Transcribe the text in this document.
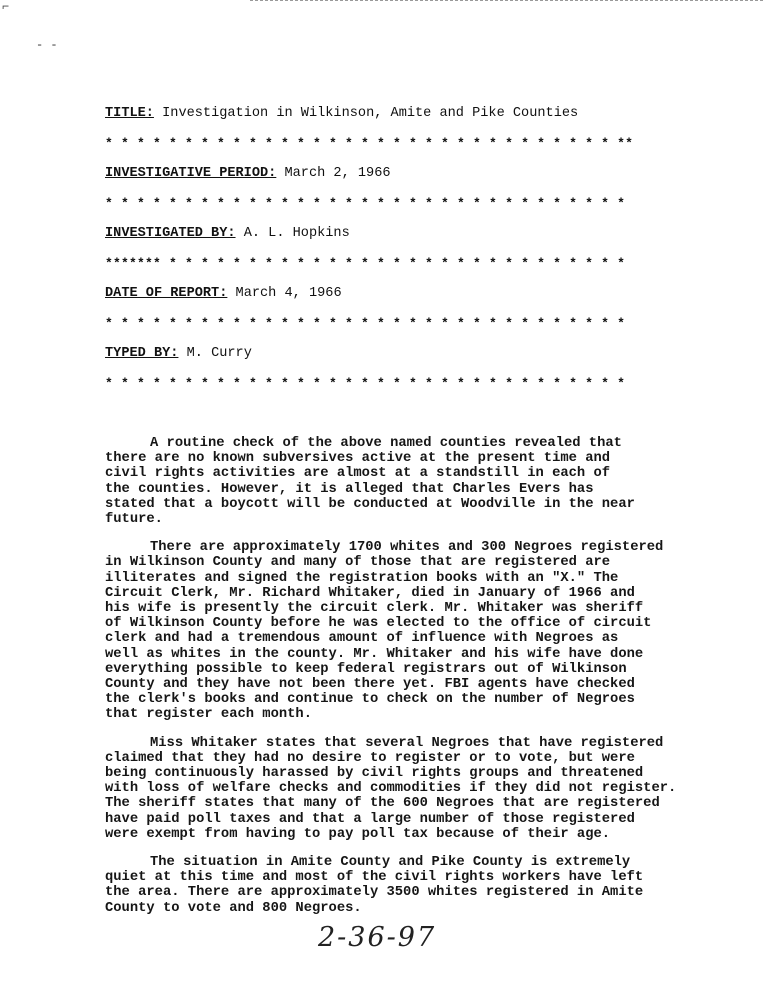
⌐
- -
TITLE: Investigation in Wilkinson, Amite and Pike Counties
* * * * * * * * * * * * * * * * * * * * * * * * * * * * * * * * **
INVESTIGATIVE PERIOD: March 2, 1966
* * * * * * * * * * * * * * * * * * * * * * * * * * * * * * * * *
INVESTIGATED BY: A. L. Hopkins
******* * * * * * * * * * * * * * * * * * * * * * * * * * * * * *
DATE OF REPORT: March 4, 1966
* * * * * * * * * * * * * * * * * * * * * * * * * * * * * * * * *
TYPED BY: M. Curry
* * * * * * * * * * * * * * * * * * * * * * * * * * * * * * * * *

A routine check of the above named counties revealed that
there are no known subversives active at the present time and
civil rights activities are almost at a standstill in each of
the counties. However, it is alleged that Charles Evers has
stated that a boycott will be conducted at Woodville in the near
future.

There are approximately 1700 whites and 300 Negroes registered
in Wilkinson County and many of those that are registered are
illiterates and signed the registration books with an "X." The
Circuit Clerk, Mr. Richard Whitaker, died in January of 1966 and
his wife is presently the circuit clerk. Mr. Whitaker was sheriff
of Wilkinson County before he was elected to the office of circuit
clerk and had a tremendous amount of influence with Negroes as
well as whites in the county. Mr. Whitaker and his wife have done
everything possible to keep federal registrars out of Wilkinson
County and they have not been there yet. FBI agents have checked
the clerk's books and continue to check on the number of Negroes
that register each month.

Miss Whitaker states that several Negroes that have registered
claimed that they had no desire to register or to vote, but were
being continuously harassed by civil rights groups and threatened
with loss of welfare checks and commodities if they did not register.
The sheriff states that many of the 600 Negroes that are registered
have paid poll taxes and that a large number of those registered
were exempt from having to pay poll tax because of their age.

The situation in Amite County and Pike County is extremely
quiet at this time and most of the civil rights workers have left
the area. There are approximately 3500 whites registered in Amite
County to vote and 800 Negroes.

2-36-97
